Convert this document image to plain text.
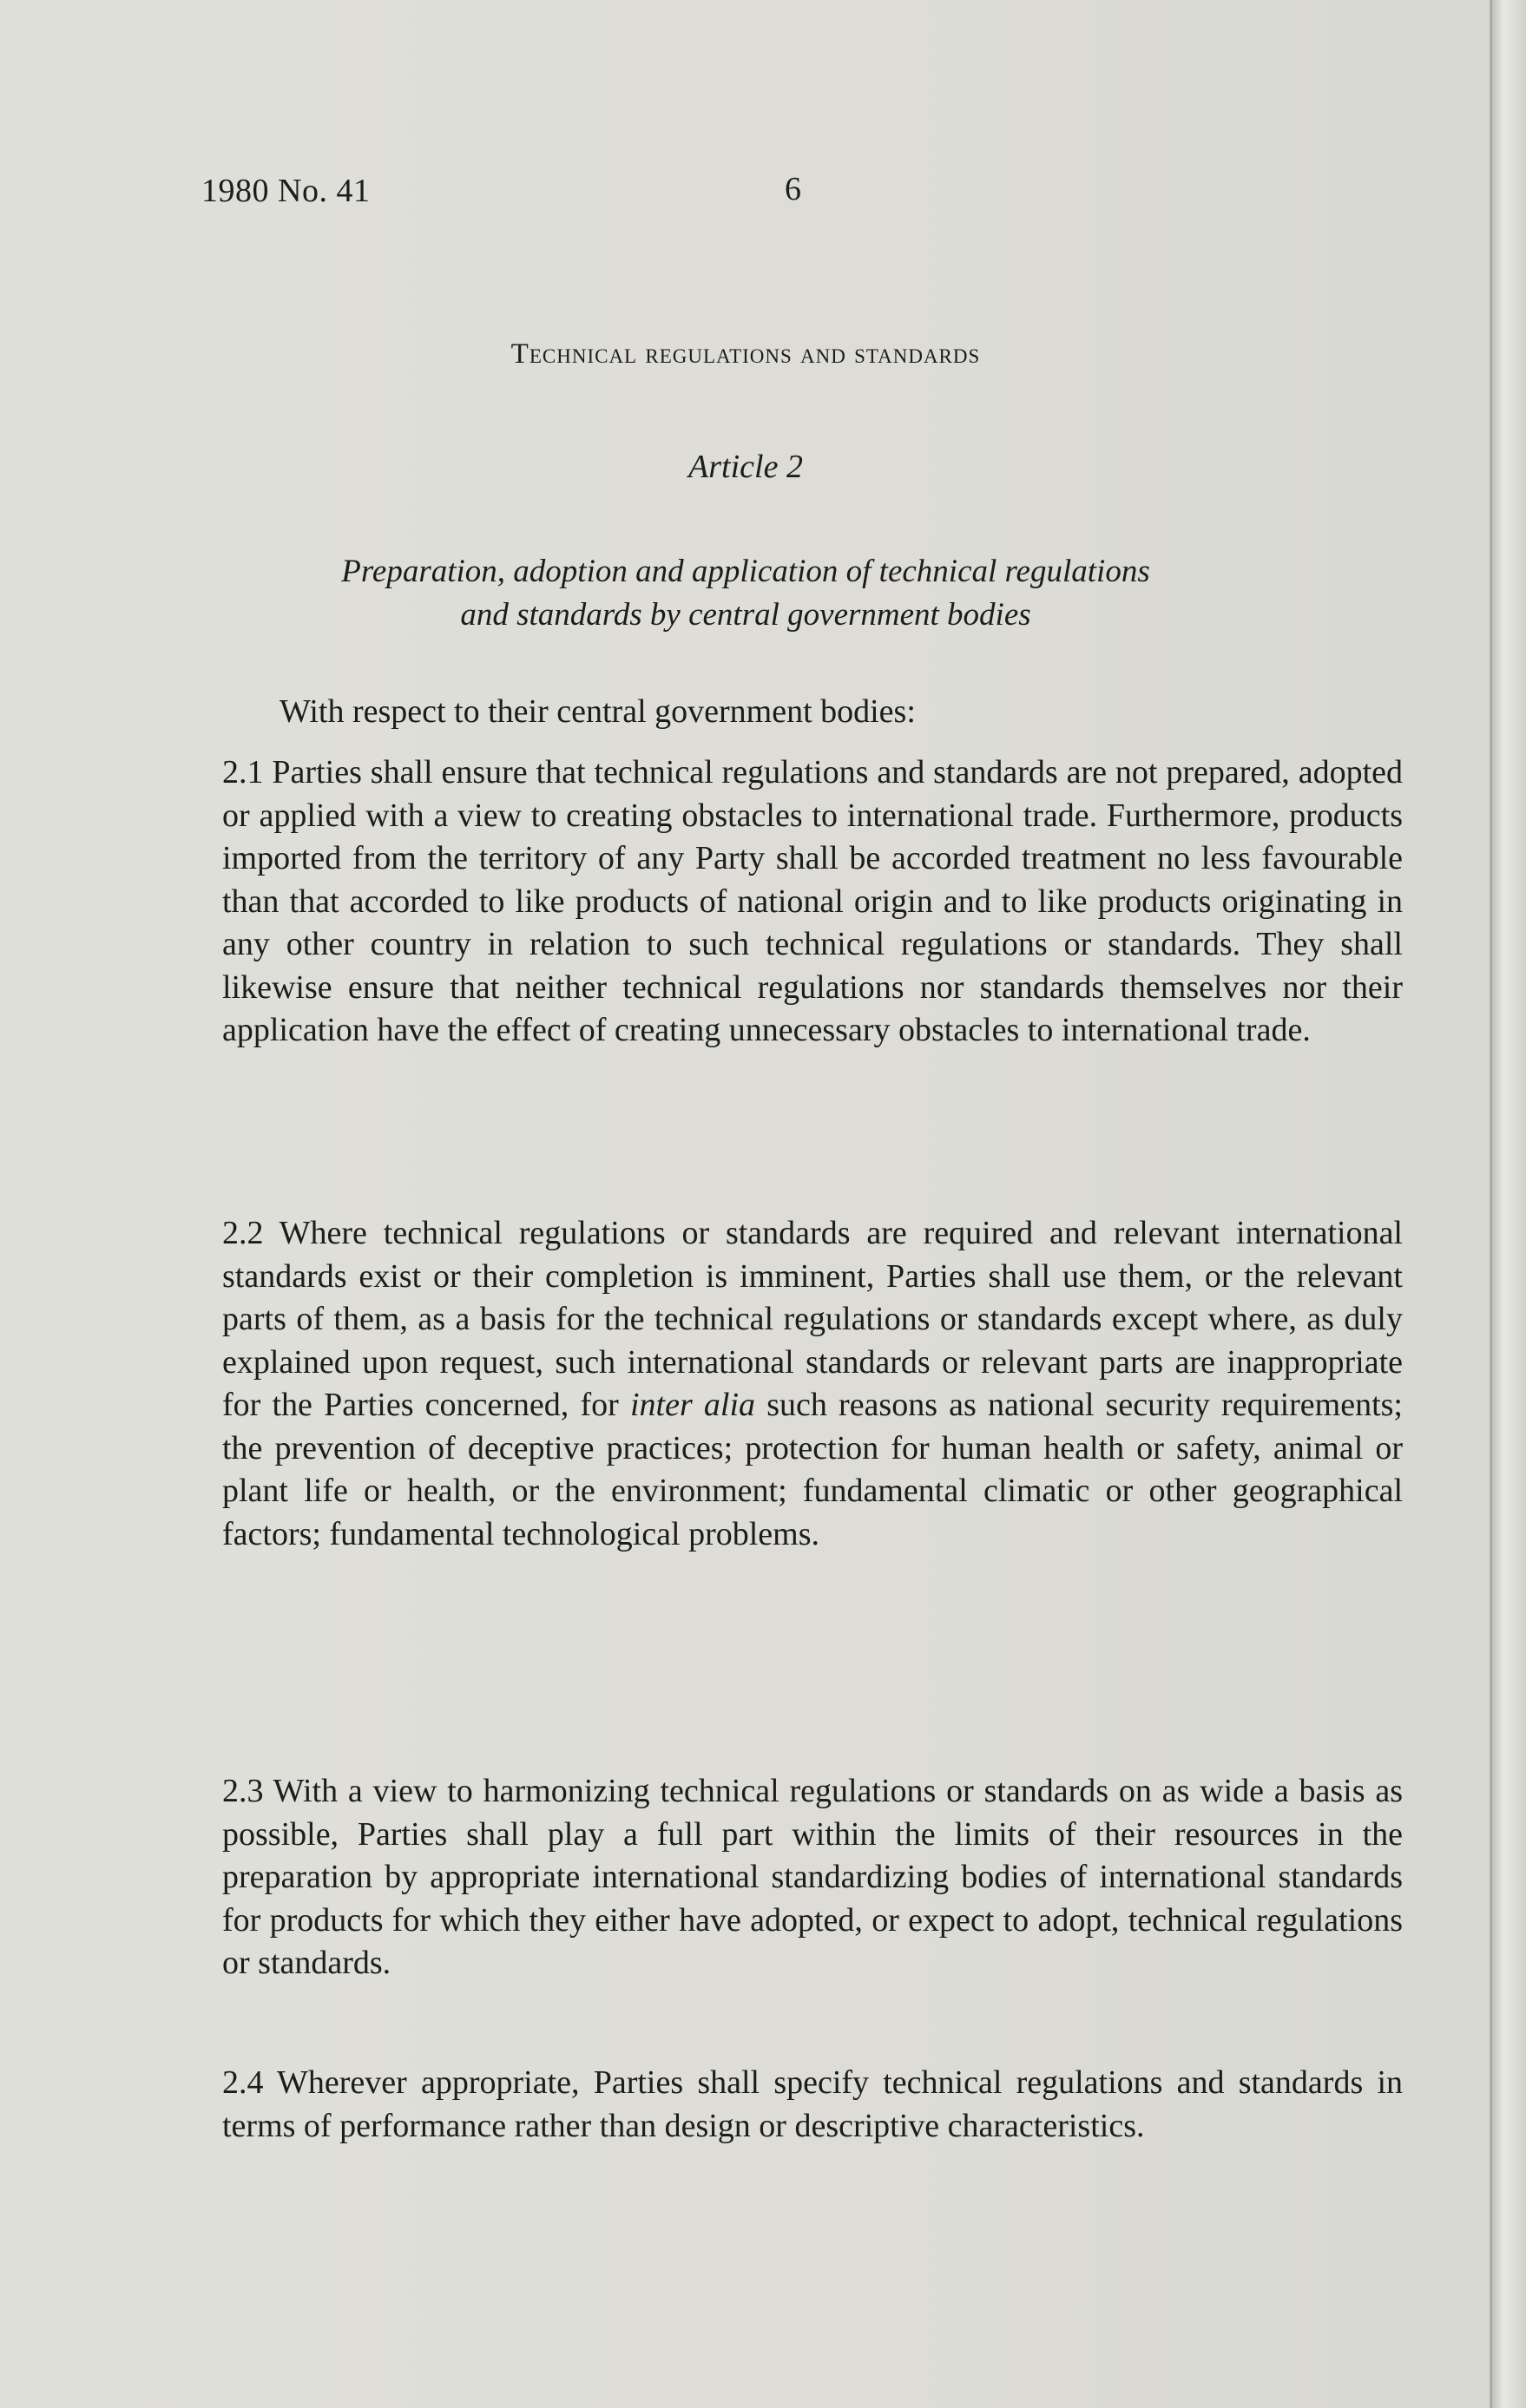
1980 No. 41	6
Technical regulations and standards
Article 2
Preparation, adoption and application of technical regulations
and standards by central government bodies
With respect to their central government bodies:

2.1 Parties shall ensure that technical regulations and standards are not prepared, adopted or applied with a view to creating obstacles to international trade. Furthermore, products imported from the territory of any Party shall be accorded treatment no less favourable than that accorded to like products of national origin and to like products originating in any other country in relation to such technical regulations or standards. They shall likewise ensure that neither technical regulations nor standards themselves nor their application have the effect of creating unnecessary obstacles to international trade.

2.2 Where technical regulations or standards are required and relevant international standards exist or their completion is imminent, Parties shall use them, or the relevant parts of them, as a basis for the technical regulations or standards except where, as duly explained upon request, such international standards or relevant parts are inappropriate for the Parties concerned, for inter alia such reasons as national security requirements; the prevention of deceptive practices; protection for human health or safety, animal or plant life or health, or the environment; fundamental climatic or other geographical factors; fundamental technological problems.

2.3 With a view to harmonizing technical regulations or standards on as wide a basis as possible, Parties shall play a full part within the limits of their resources in the preparation by appropriate international standardizing bodies of international standards for products for which they either have adopted, or expect to adopt, technical regulations or standards.

2.4 Wherever appropriate, Parties shall specify technical regulations and standards in terms of performance rather than design or descriptive characteristics.
